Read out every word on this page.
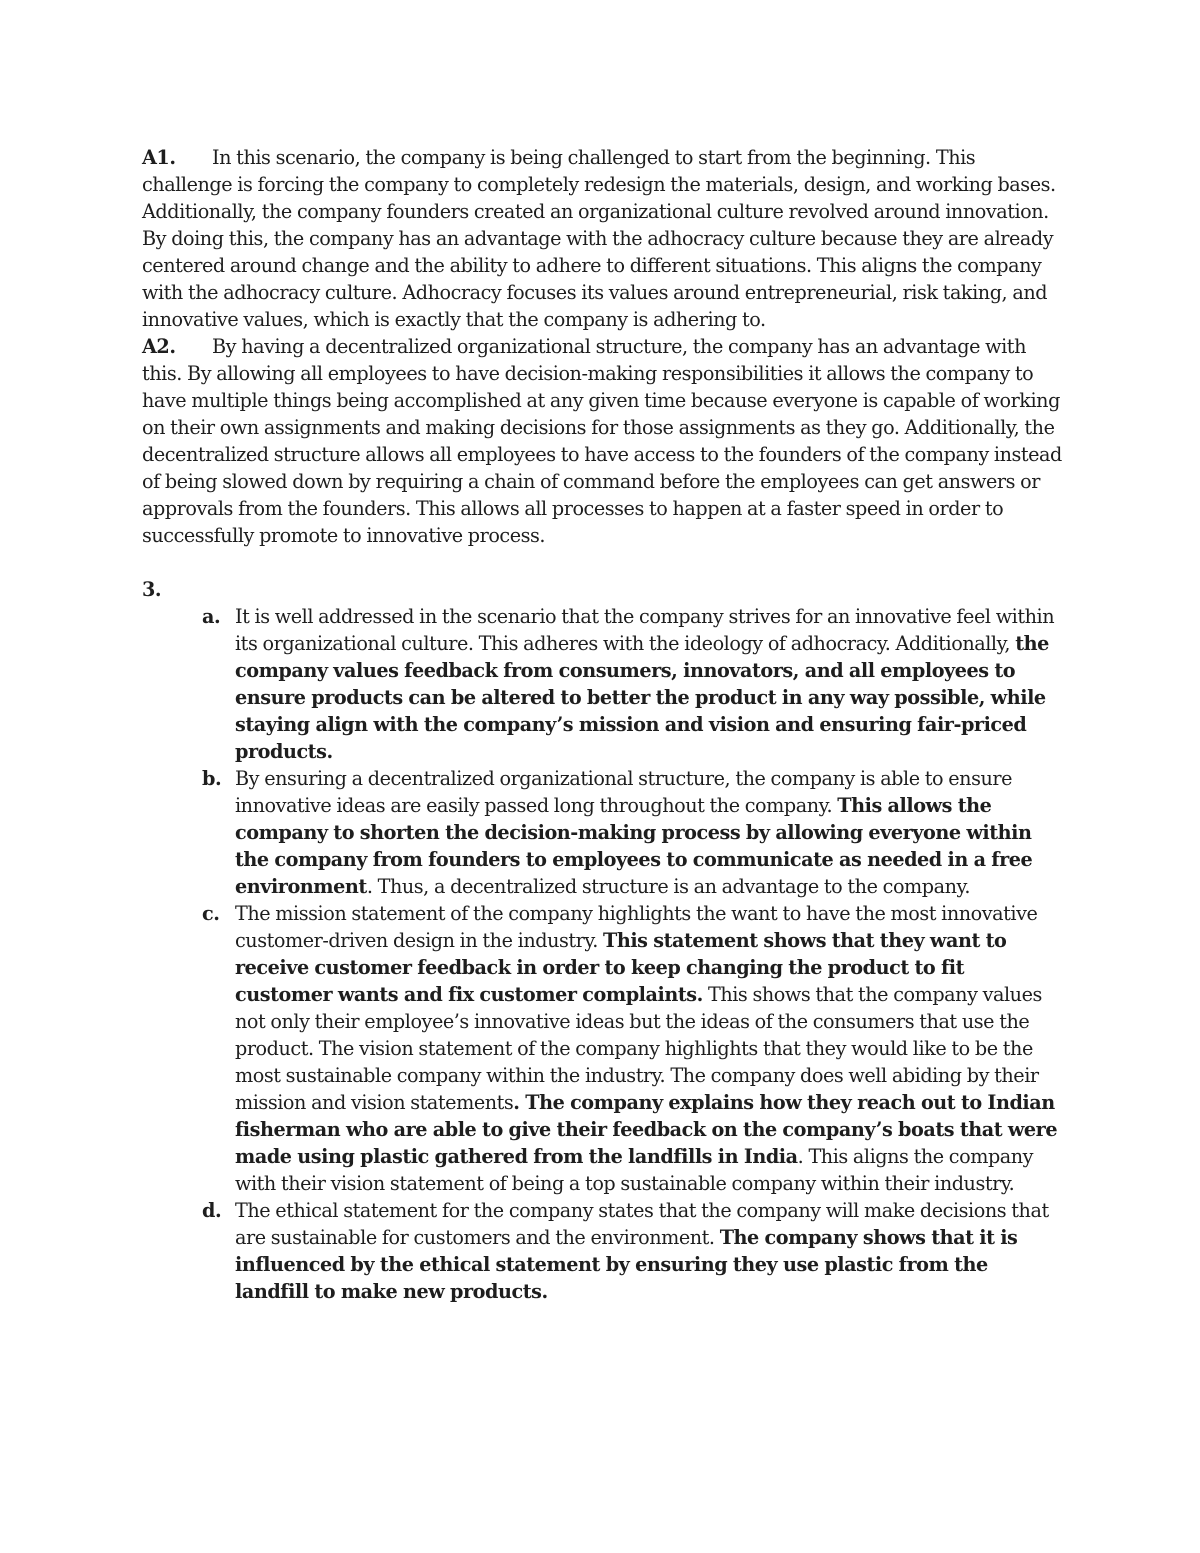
A1. In this scenario, the company is being challenged to start from the beginning. This challenge is forcing the company to completely redesign the materials, design, and working bases. Additionally, the company founders created an organizational culture revolved around innovation. By doing this, the company has an advantage with the adhocracy culture because they are already centered around change and the ability to adhere to different situations. This aligns the company with the adhocracy culture. Adhocracy focuses its values around entrepreneurial, risk taking, and innovative values, which is exactly that the company is adhering to.

A2. By having a decentralized organizational structure, the company has an advantage with this. By allowing all employees to have decision-making responsibilities it allows the company to have multiple things being accomplished at any given time because everyone is capable of working on their own assignments and making decisions for those assignments as they go. Additionally, the decentralized structure allows all employees to have access to the founders of the company instead of being slowed down by requiring a chain of command before the employees can get answers or approvals from the founders. This allows all processes to happen at a faster speed in order to successfully promote to innovative process.

3.

a. It is well addressed in the scenario that the company strives for an innovative feel within its organizational culture. This adheres with the ideology of adhocracy. Additionally, the company values feedback from consumers, innovators, and all employees to ensure products can be altered to better the product in any way possible, while staying align with the company’s mission and vision and ensuring fair-priced products.
b. By ensuring a decentralized organizational structure, the company is able to ensure innovative ideas are easily passed long throughout the company. This allows the company to shorten the decision-making process by allowing everyone within the company from founders to employees to communicate as needed in a free environment. Thus, a decentralized structure is an advantage to the company.
c. The mission statement of the company highlights the want to have the most innovative customer-driven design in the industry. This statement shows that they want to receive customer feedback in order to keep changing the product to fit customer wants and fix customer complaints. This shows that the company values not only their employee’s innovative ideas but the ideas of the consumers that use the product. The vision statement of the company highlights that they would like to be the most sustainable company within the industry. The company does well abiding by their mission and vision statements. The company explains how they reach out to Indian fisherman who are able to give their feedback on the company’s boats that were made using plastic gathered from the landfills in India. This aligns the company with their vision statement of being a top sustainable company within their industry.
d. The ethical statement for the company states that the company will make decisions that are sustainable for customers and the environment. The company shows that it is influenced by the ethical statement by ensuring they use plastic from the landfill to make new products.
